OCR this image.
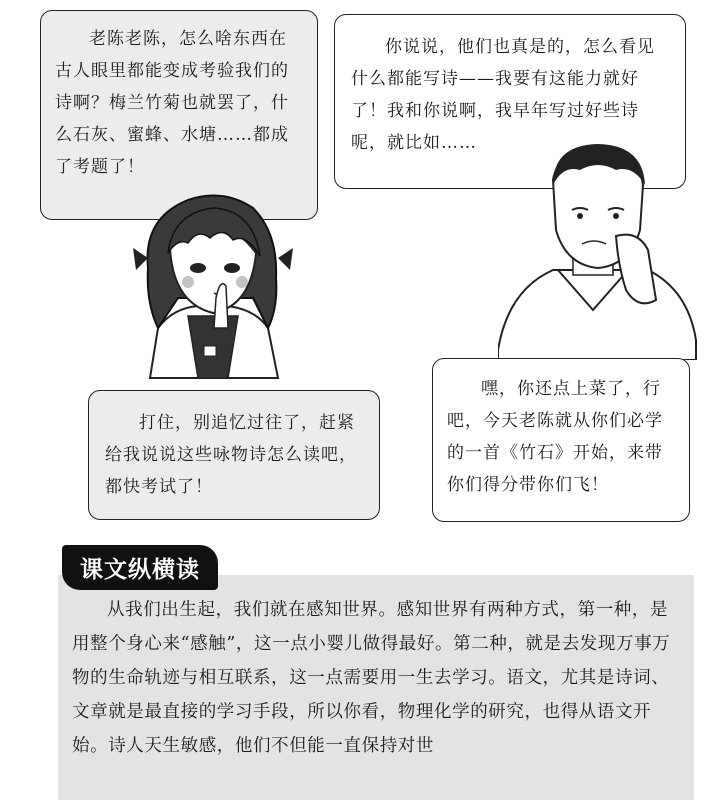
老陈老陈，怎么啥东西在古人眼里都能变成考验我们的诗啊？梅兰竹菊也就罢了，什么石灰、蜜蜂、水塘……都成了考题了！

你说说，他们也真是的，怎么看见什么都能写诗——我要有这能力就好了！我和你说啊，我早年写过好些诗呢，就比如……

打住，别追忆过往了，赶紧给我说说这些咏物诗怎么读吧，都快考试了！

嘿，你还点上菜了，行吧，今天老陈就从你们必学的一首《竹石》开始，来带你们得分带你们飞！

课文纵横读

从我们出生起，我们就在感知世界。感知世界有两种方式，第一种，是用整个身心来“感触”，这一点小婴儿做得最好。第二种，就是去发现万事万物的生命轨迹与相互联系，这一点需要用一生去学习。语文，尤其是诗词、文章就是最直接的学习手段，所以你看，物理化学的研究，也得从语文开始。诗人天生敏感，他们不但能一直保持对世
